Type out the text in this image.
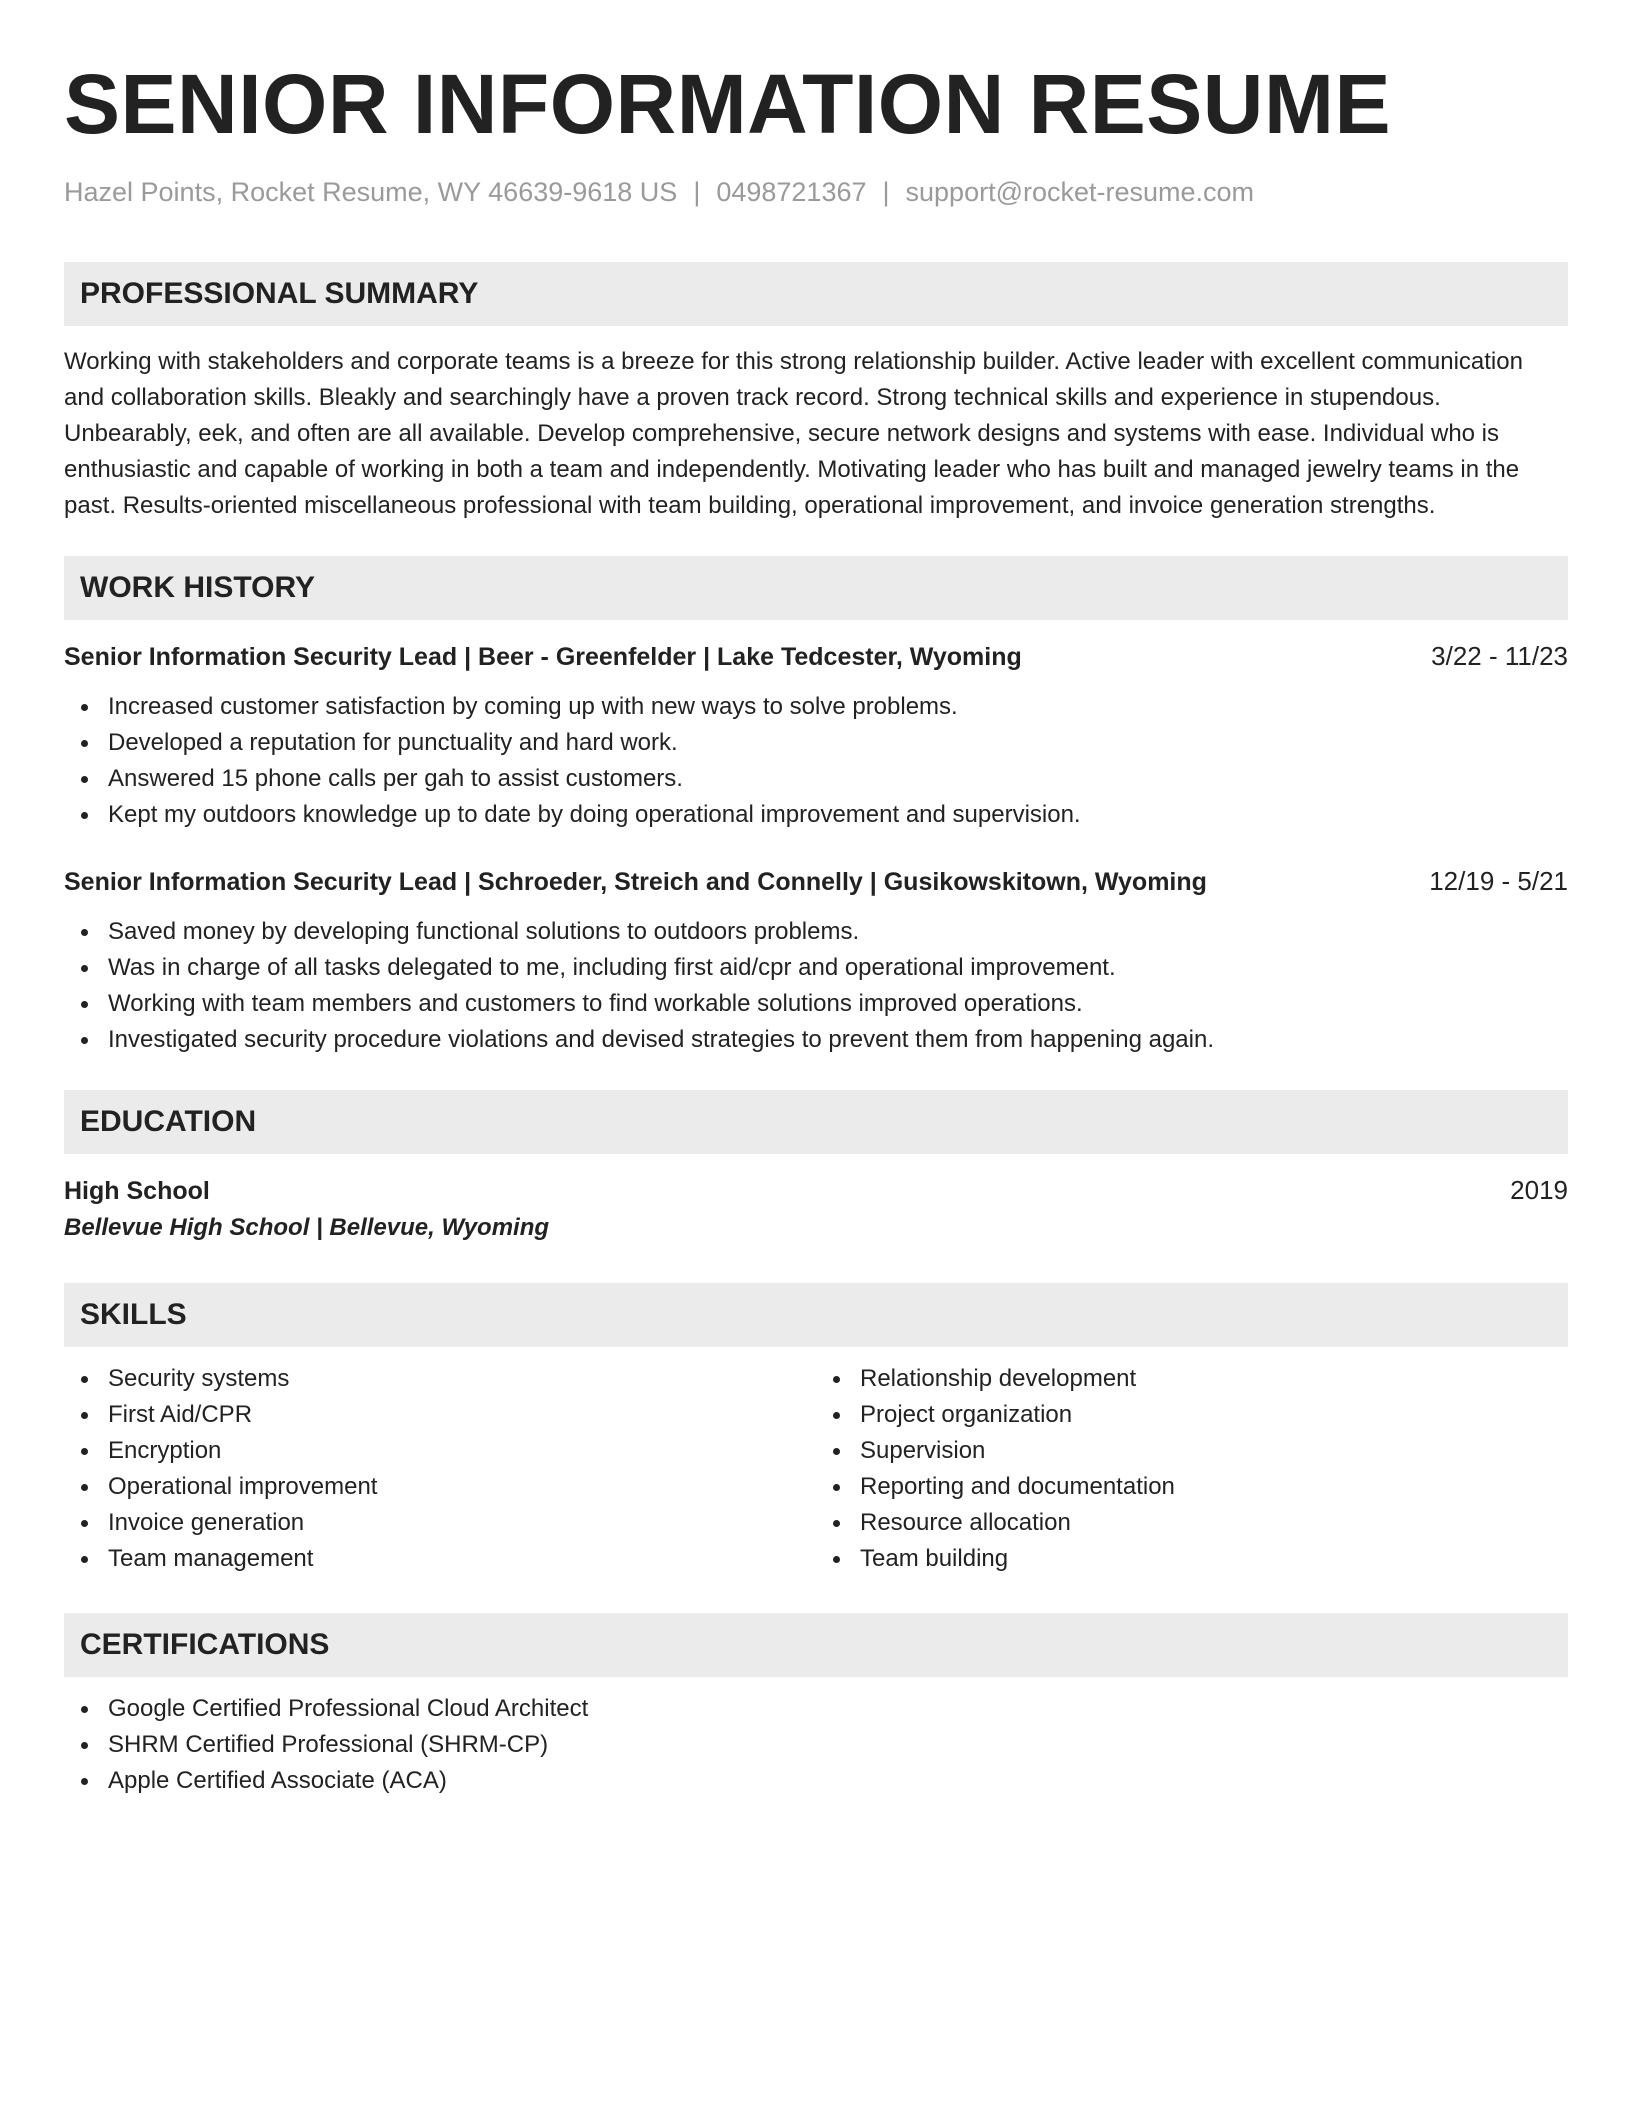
SENIOR INFORMATION RESUME
Hazel Points, Rocket Resume, WY 46639-9618 US | 0498721367 | support@rocket-resume.com
PROFESSIONAL SUMMARY

Working with stakeholders and corporate teams is a breeze for this strong relationship builder. Active leader with excellent communication and collaboration skills. Bleakly and searchingly have a proven track record. Strong technical skills and experience in stupendous. Unbearably, eek, and often are all available. Develop comprehensive, secure network designs and systems with ease. Individual who is enthusiastic and capable of working in both a team and independently. Motivating leader who has built and managed jewelry teams in the past. Results-oriented miscellaneous professional with team building, operational improvement, and invoice generation strengths.

WORK HISTORY
Senior Information Security Lead | Beer - Greenfelder | Lake Tedcester, Wyoming	3/22 - 11/23
Increased customer satisfaction by coming up with new ways to solve problems.
Developed a reputation for punctuality and hard work.
Answered 15 phone calls per gah to assist customers.
Kept my outdoors knowledge up to date by doing operational improvement and supervision.
Senior Information Security Lead | Schroeder, Streich and Connelly | Gusikowskitown, Wyoming	12/19 - 5/21
Saved money by developing functional solutions to outdoors problems.
Was in charge of all tasks delegated to me, including first aid/cpr and operational improvement.
Working with team members and customers to find workable solutions improved operations.
Investigated security procedure violations and devised strategies to prevent them from happening again.
EDUCATION
High School	2019
Bellevue High School | Bellevue, Wyoming
SKILLS
Security systems
First Aid/CPR
Encryption
Operational improvement
Invoice generation
Team management
Relationship development
Project organization
Supervision
Reporting and documentation
Resource allocation
Team building
CERTIFICATIONS
Google Certified Professional Cloud Architect
SHRM Certified Professional (SHRM-CP)
Apple Certified Associate (ACA)
